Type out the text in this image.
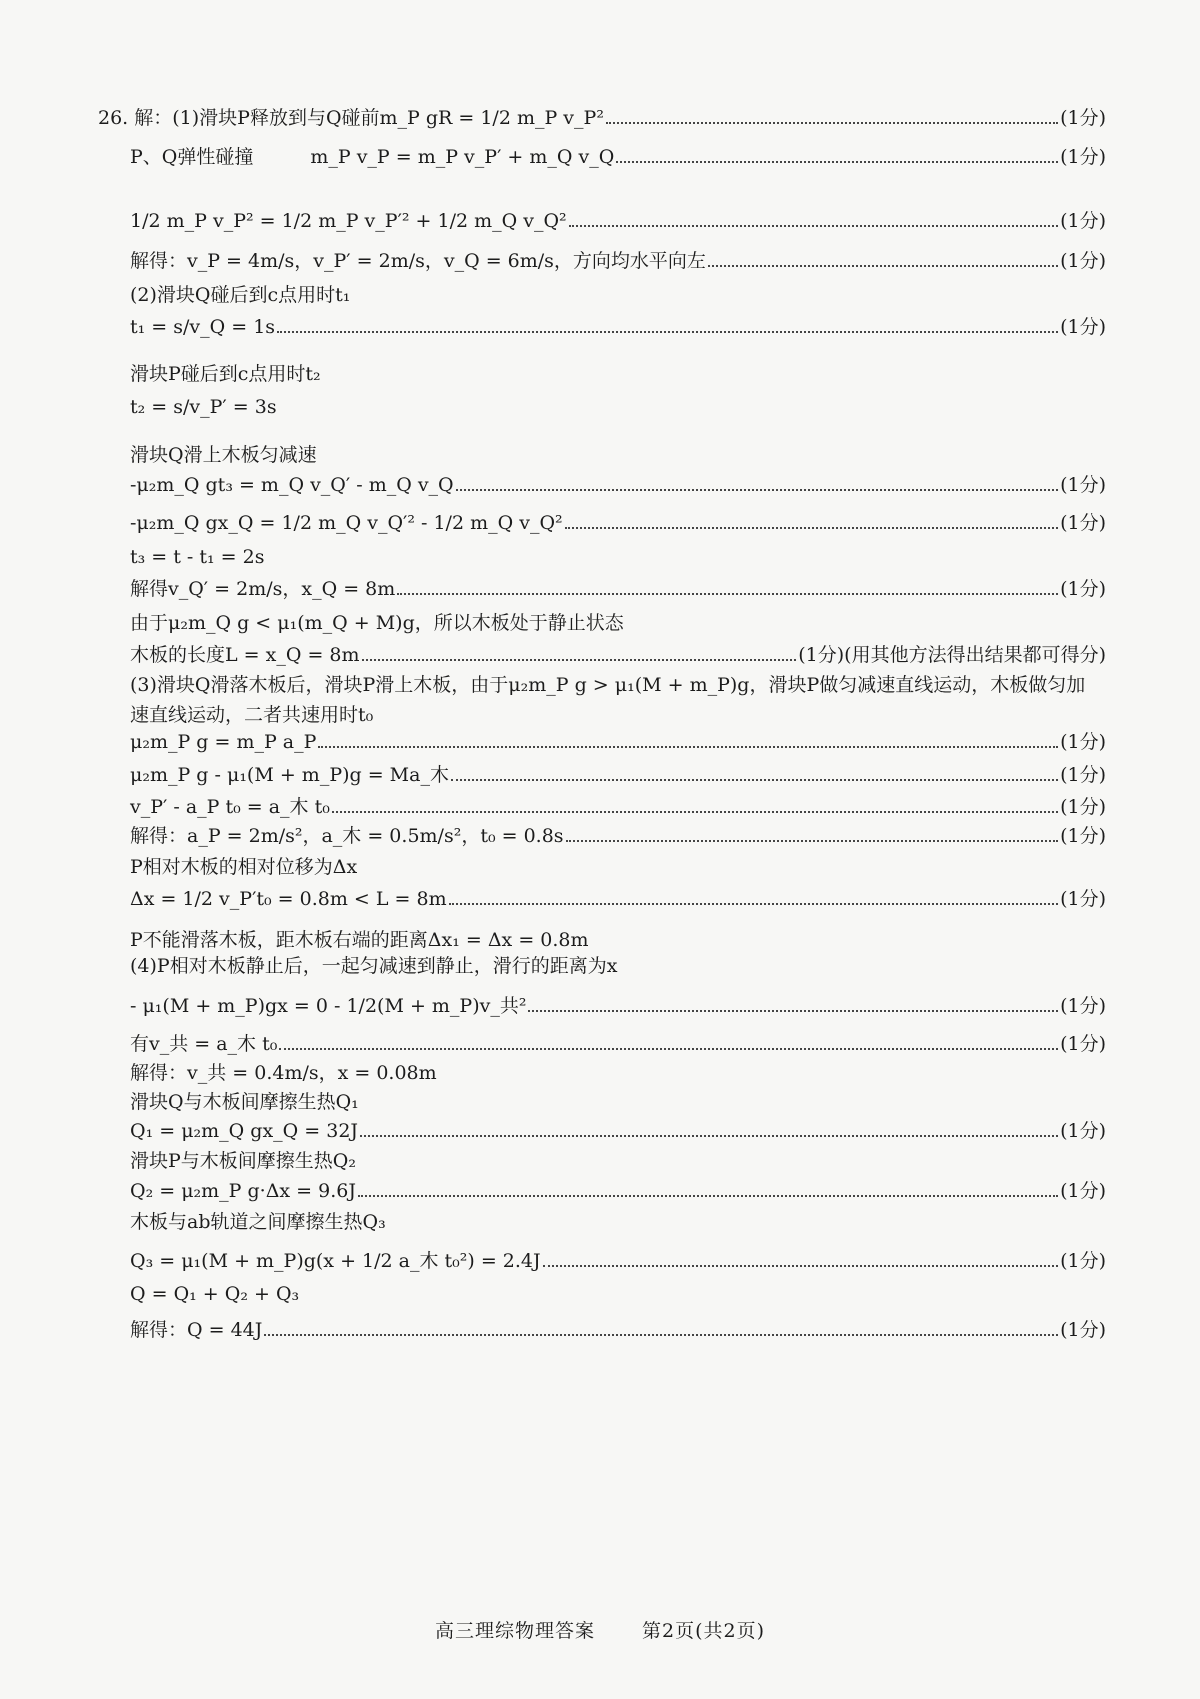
26. 解：(1)滑块P释放到与Q碰前m_P gR = 1/2 m_P v_P²	(1分)
P、Q弹性碰撞　　　m_P v_P = m_P v_P′ + m_Q v_Q	(1分)
1/2 m_P v_P² = 1/2 m_P v_P′² + 1/2 m_Q v_Q²	(1分)
解得：v_P = 4m/s，v_P′ = 2m/s，v_Q = 6m/s，方向均水平向左	(1分)
(2)滑块Q碰后到c点用时t₁
t₁ = s/v_Q = 1s	(1分)
滑块P碰后到c点用时t₂
t₂ = s/v_P′ = 3s
滑块Q滑上木板匀减速
-μ₂m_Q gt₃ = m_Q v_Q′ - m_Q v_Q	(1分)
-μ₂m_Q gx_Q = 1/2 m_Q v_Q′² - 1/2 m_Q v_Q²	(1分)
t₃ = t - t₁ = 2s
解得v_Q′ = 2m/s，x_Q = 8m	(1分)
由于μ₂m_Q g < μ₁(m_Q + M)g，所以木板处于静止状态
木板的长度L = x_Q = 8m	(1分) (用其他方法得出结果都可得分)
(3)滑块Q滑落木板后，滑块P滑上木板，由于μ₂m_P g > μ₁(M + m_P)g，滑块P做匀减速直线运动，木板做匀加
速直线运动，二者共速用时t₀
μ₂m_P g = m_P a_P	(1分)
μ₂m_P g - μ₁(M + m_P)g = Ma_木	(1分)
v_P′ - a_P t₀ = a_木 t₀	(1分)
解得：a_P = 2m/s²，a_木 = 0.5m/s²，t₀ = 0.8s	(1分)
P相对木板的相对位移为Δx
Δx = 1/2 v_P′t₀ = 0.8m < L = 8m	(1分)
P不能滑落木板，距木板右端的距离Δx₁ = Δx = 0.8m
(4)P相对木板静止后，一起匀减速到静止，滑行的距离为x
- μ₁(M + m_P)gx = 0 - 1/2(M + m_P)v_共²	(1分)
有v_共 = a_木 t₀	(1分)
解得：v_共 = 0.4m/s，x = 0.08m
滑块Q与木板间摩擦生热Q₁
Q₁ = μ₂m_Q gx_Q = 32J	(1分)
滑块P与木板间摩擦生热Q₂
Q₂ = μ₂m_P g·Δx = 9.6J	(1分)
木板与ab轨道之间摩擦生热Q₃
Q₃ = μ₁(M + m_P)g(x + 1/2 a_木 t₀²) = 2.4J	(1分)
Q = Q₁ + Q₂ + Q₃
解得：Q = 44J	(1分)
高三理综物理答案 第2页(共2页)
